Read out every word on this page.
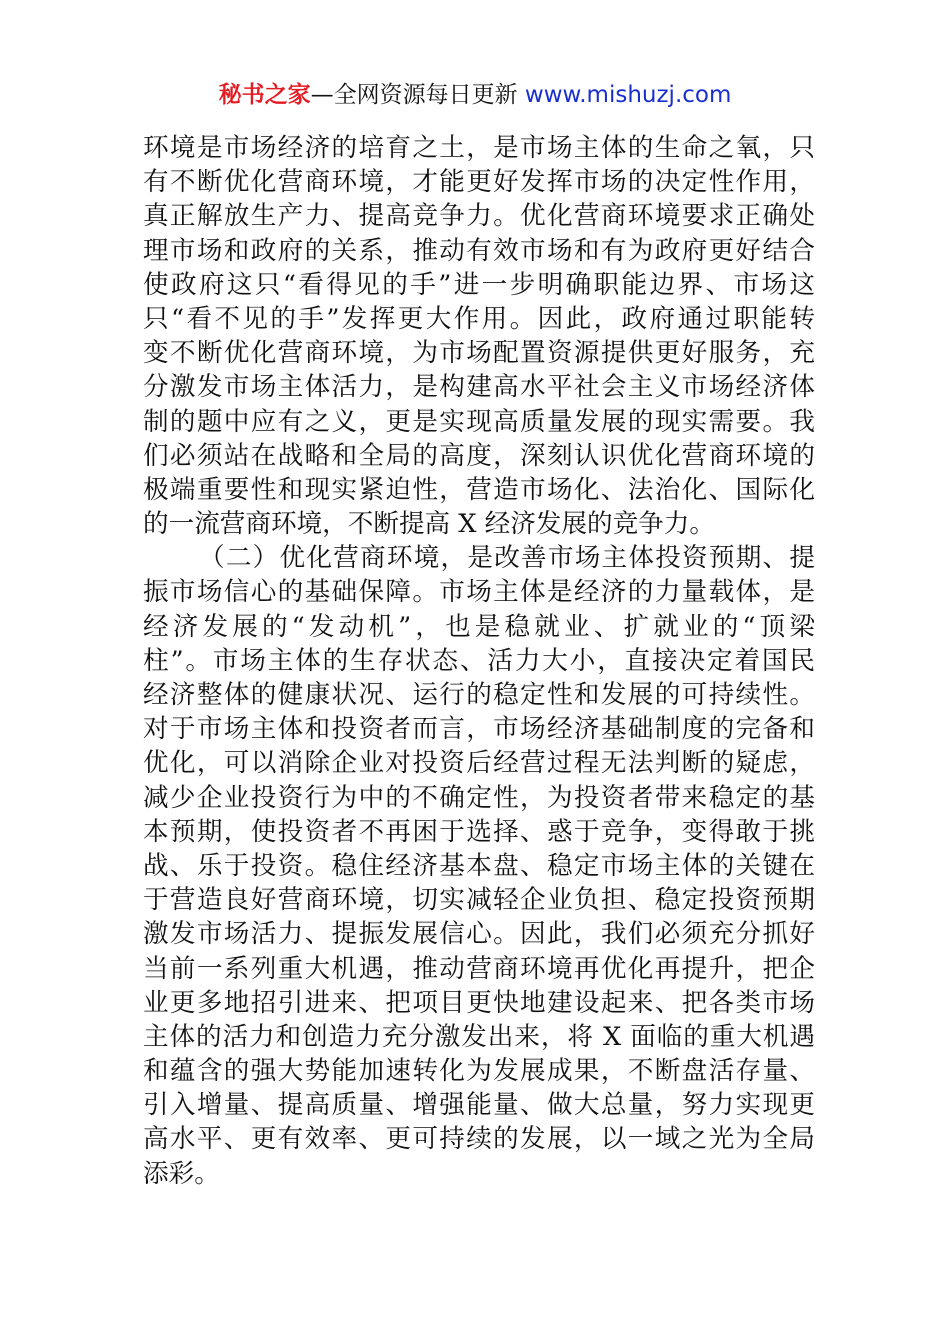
秘书之家—全网资源每日更新 www.mishuzj.com
环境是市场经济的培育之土，是市场主体的生命之氧，只
有不断优化营商环境，才能更好发挥市场的决定性作用，
真正解放生产力、提高竞争力。优化营商环境要求正确处
理市场和政府的关系，推动有效市场和有为政府更好结合
使政府这只“看得见的手”进一步明确职能边界、市场这
只“看不见的手”发挥更大作用。因此，政府通过职能转
变不断优化营商环境，为市场配置资源提供更好服务，充
分激发市场主体活力，是构建高水平社会主义市场经济体
制的题中应有之义，更是实现高质量发展的现实需要。我
们必须站在战略和全局的高度，深刻认识优化营商环境的
极端重要性和现实紧迫性，营造市场化、法治化、国际化
的一流营商环境，不断提高 X 经济发展的竞争力。
（二）优化营商环境，是改善市场主体投资预期、提
振市场信心的基础保障。市场主体是经济的力量载体，是
经济发展的“发动机”，也是稳就业、扩就业的“顶梁
柱”。市场主体的生存状态、活力大小，直接决定着国民
经济整体的健康状况、运行的稳定性和发展的可持续性。
对于市场主体和投资者而言，市场经济基础制度的完备和
优化，可以消除企业对投资后经营过程无法判断的疑虑，
减少企业投资行为中的不确定性，为投资者带来稳定的基
本预期，使投资者不再困于选择、惑于竞争，变得敢于挑
战、乐于投资。稳住经济基本盘、稳定市场主体的关键在
于营造良好营商环境，切实减轻企业负担、稳定投资预期
激发市场活力、提振发展信心。因此，我们必须充分抓好
当前一系列重大机遇，推动营商环境再优化再提升，把企
业更多地招引进来、把项目更快地建设起来、把各类市场
主体的活力和创造力充分激发出来，将 X 面临的重大机遇
和蕴含的强大势能加速转化为发展成果，不断盘活存量、
引入增量、提高质量、增强能量、做大总量，努力实现更
高水平、更有效率、更可持续的发展，以一域之光为全局
添彩。
